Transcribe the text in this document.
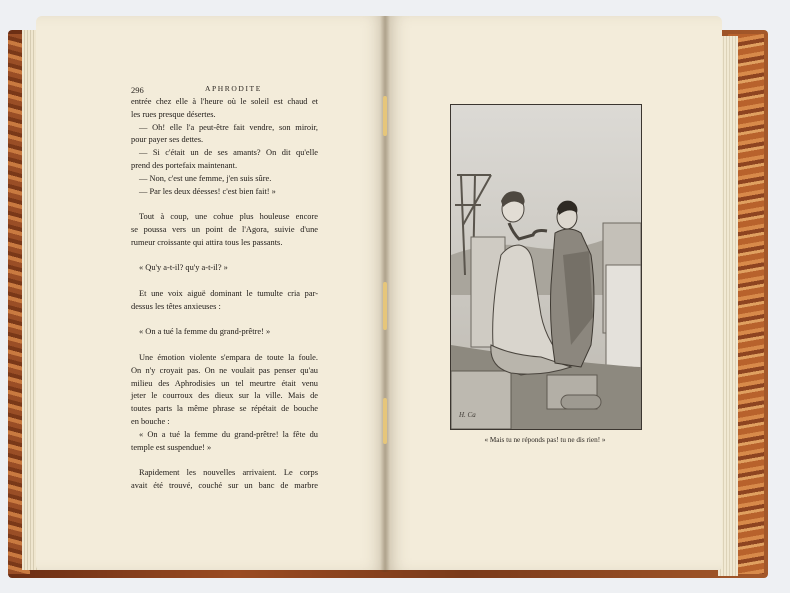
296	APHRODITE
entrée chez elle à l'heure où le soleil est chaud et
les rues presque désertes.
— Oh! elle l'a peut-être fait vendre, son miroir,
pour payer ses dettes.
— Si c'était un de ses amants? On dit qu'elle
prend des portefaix maintenant.
— Non, c'est une femme, j'en suis sûre.
— Par les deux déesses! c'est bien fait! »
Tout à coup, une cohue plus houleuse encore
se poussa vers un point de l'Agora, suivie d'une
rumeur croissante qui attira tous les passants.
« Qu'y a-t-il? qu'y a-t-il? »
Et une voix aiguë dominant le tumulte cria par-
dessus les têtes anxieuses :
« On a tué la femme du grand-prêtre! »
Une émotion violente s'empara de toute la foule.
On n'y croyait pas. On ne voulait pas penser qu'au
milieu des Aphrodisies un tel meurtre était venu
jeter le courroux des dieux sur la ville. Mais de
toutes parts la même phrase se répétait de bouche
en bouche :
« On a tué la femme du grand-prêtre! la fête du
temple est suspendue! »
Rapidement les nouvelles arrivaient. Le corps
avait été trouvé, couché sur un banc de marbre
H. Ca
« Mais tu ne réponds pas! tu ne dis rien! »
